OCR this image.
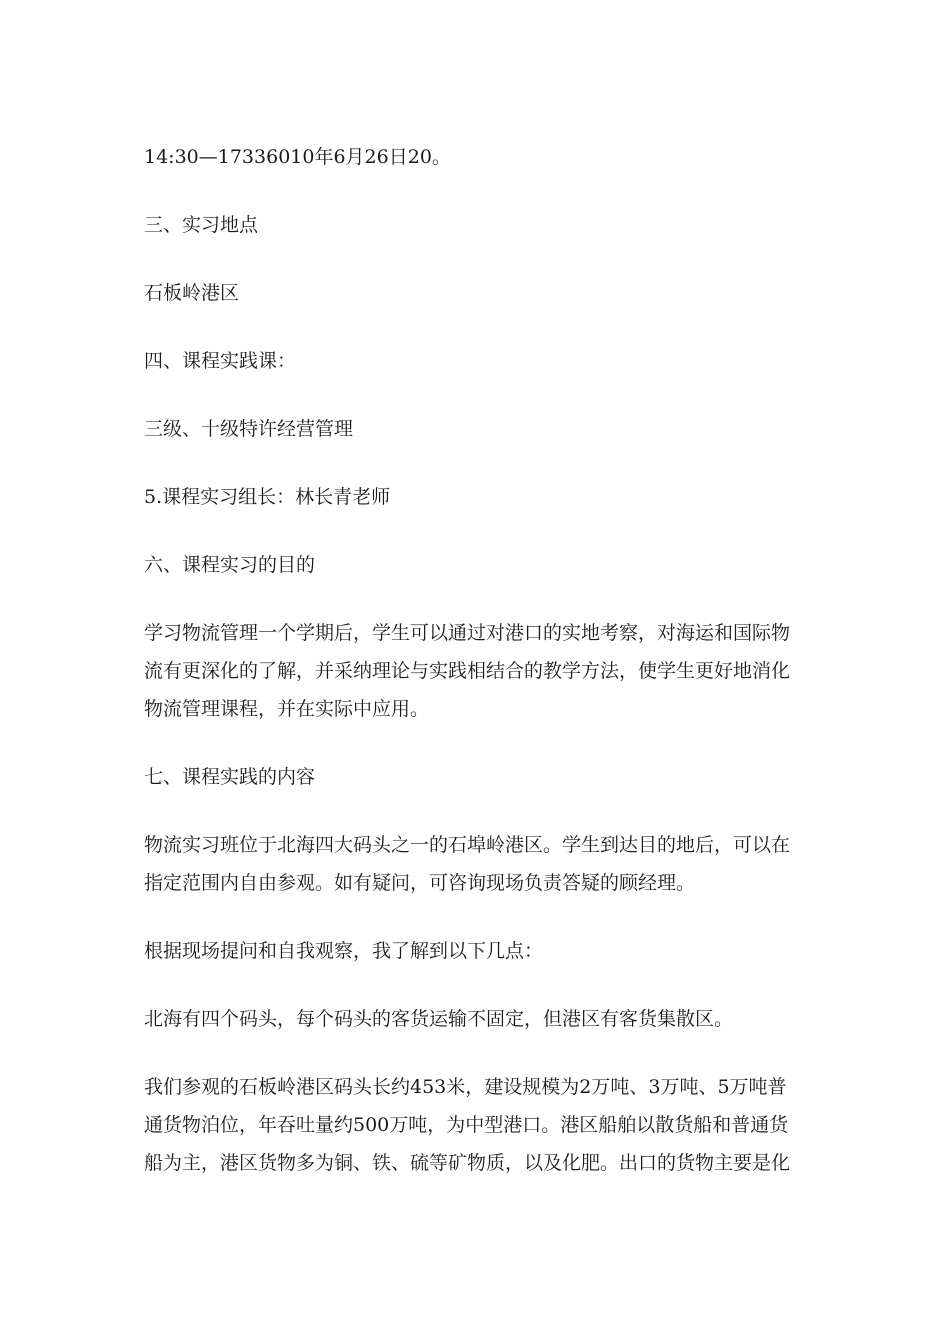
14:30—17336010年6月26日20。

三、实习地点

石板岭港区

四、课程实践课：

三级、十级特许经营管理

5.课程实习组长：林长青老师

六、课程实习的目的

学习物流管理一个学期后，学生可以通过对港口的实地考察，对海运和国际物流有更深化的了解，并采纳理论与实践相结合的教学方法，使学生更好地消化物流管理课程，并在实际中应用。

七、课程实践的内容

物流实习班位于北海四大码头之一的石埠岭港区。学生到达目的地后，可以在指定范围内自由参观。如有疑问，可咨询现场负责答疑的顾经理。

根据现场提问和自我观察，我了解到以下几点：

北海有四个码头，每个码头的客货运输不固定，但港区有客货集散区。

我们参观的石板岭港区码头长约453米，建设规模为2万吨、3万吨、5万吨普通货物泊位，年吞吐量约500万吨，为中型港口。港区船舶以散货船和普通货船为主，港区货物多为铜、铁、硫等矿物质，以及化肥。出口的货物主要是化
